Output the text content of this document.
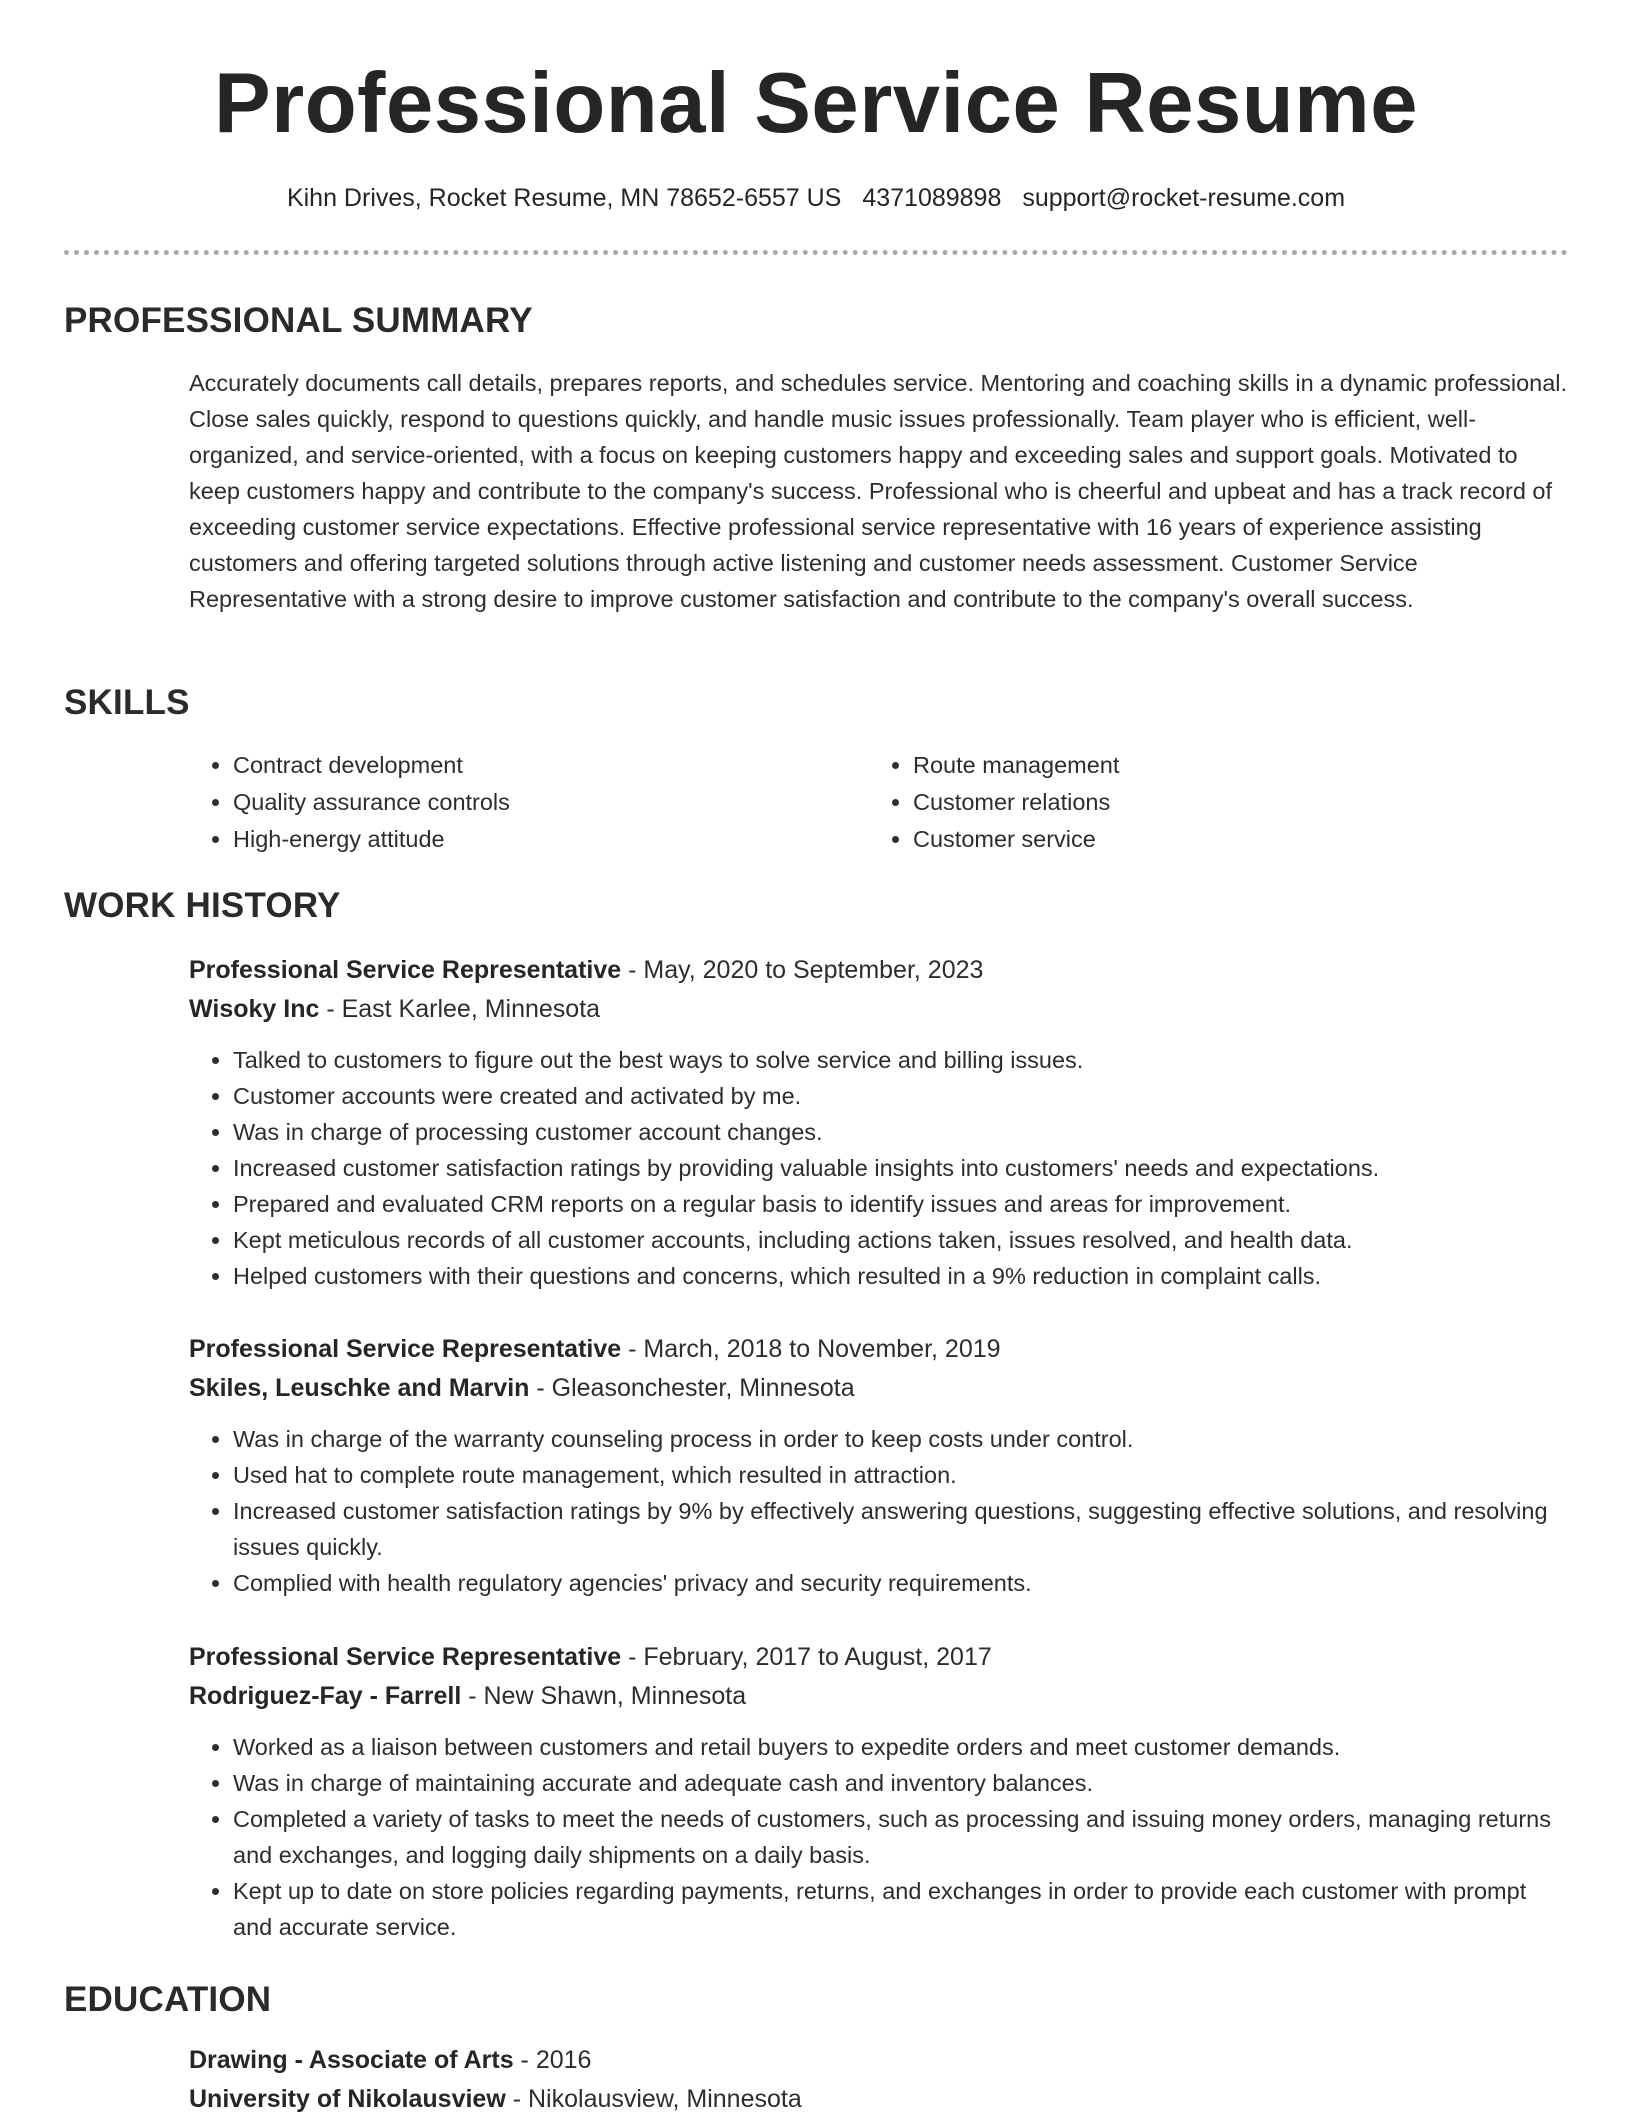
Professional Service Resume
Kihn Drives, Rocket Resume, MN 78652-6557 US 4371089898 support@rocket-resume.com
PROFESSIONAL SUMMARY

Accurately documents call details, prepares reports, and schedules service. Mentoring and coaching skills in a dynamic professional. Close sales quickly, respond to questions quickly, and handle music issues professionally. Team player who is efficient, well-organized, and service-oriented, with a focus on keeping customers happy and exceeding sales and support goals. Motivated to keep customers happy and contribute to the company's success. Professional who is cheerful and upbeat and has a track record of exceeding customer service expectations. Effective professional service representative with 16 years of experience assisting customers and offering targeted solutions through active listening and customer needs assessment. Customer Service Representative with a strong desire to improve customer satisfaction and contribute to the company's overall success.

SKILLS
• Contract development
• Quality assurance controls
• High-energy attitude
• Route management
• Customer relations
• Customer service
WORK HISTORY
Professional Service Representative - May, 2020 to September, 2023
Wisoky Inc - East Karlee, Minnesota
• Talked to customers to figure out the best ways to solve service and billing issues.
• Customer accounts were created and activated by me.
• Was in charge of processing customer account changes.
• Increased customer satisfaction ratings by providing valuable insights into customers' needs and expectations.
• Prepared and evaluated CRM reports on a regular basis to identify issues and areas for improvement.
• Kept meticulous records of all customer accounts, including actions taken, issues resolved, and health data.
• Helped customers with their questions and concerns, which resulted in a 9% reduction in complaint calls.
Professional Service Representative - March, 2018 to November, 2019
Skiles, Leuschke and Marvin - Gleasonchester, Minnesota
• Was in charge of the warranty counseling process in order to keep costs under control.
• Used hat to complete route management, which resulted in attraction.
• Increased customer satisfaction ratings by 9% by effectively answering questions, suggesting effective solutions, and resolving issues quickly.
• Complied with health regulatory agencies' privacy and security requirements.
Professional Service Representative - February, 2017 to August, 2017
Rodriguez-Fay - Farrell - New Shawn, Minnesota
• Worked as a liaison between customers and retail buyers to expedite orders and meet customer demands.
• Was in charge of maintaining accurate and adequate cash and inventory balances.
• Completed a variety of tasks to meet the needs of customers, such as processing and issuing money orders, managing returns and exchanges, and logging daily shipments on a daily basis.
• Kept up to date on store policies regarding payments, returns, and exchanges in order to provide each customer with prompt and accurate service.
EDUCATION
Drawing - Associate of Arts - 2016
University of Nikolausview - Nikolausview, Minnesota
